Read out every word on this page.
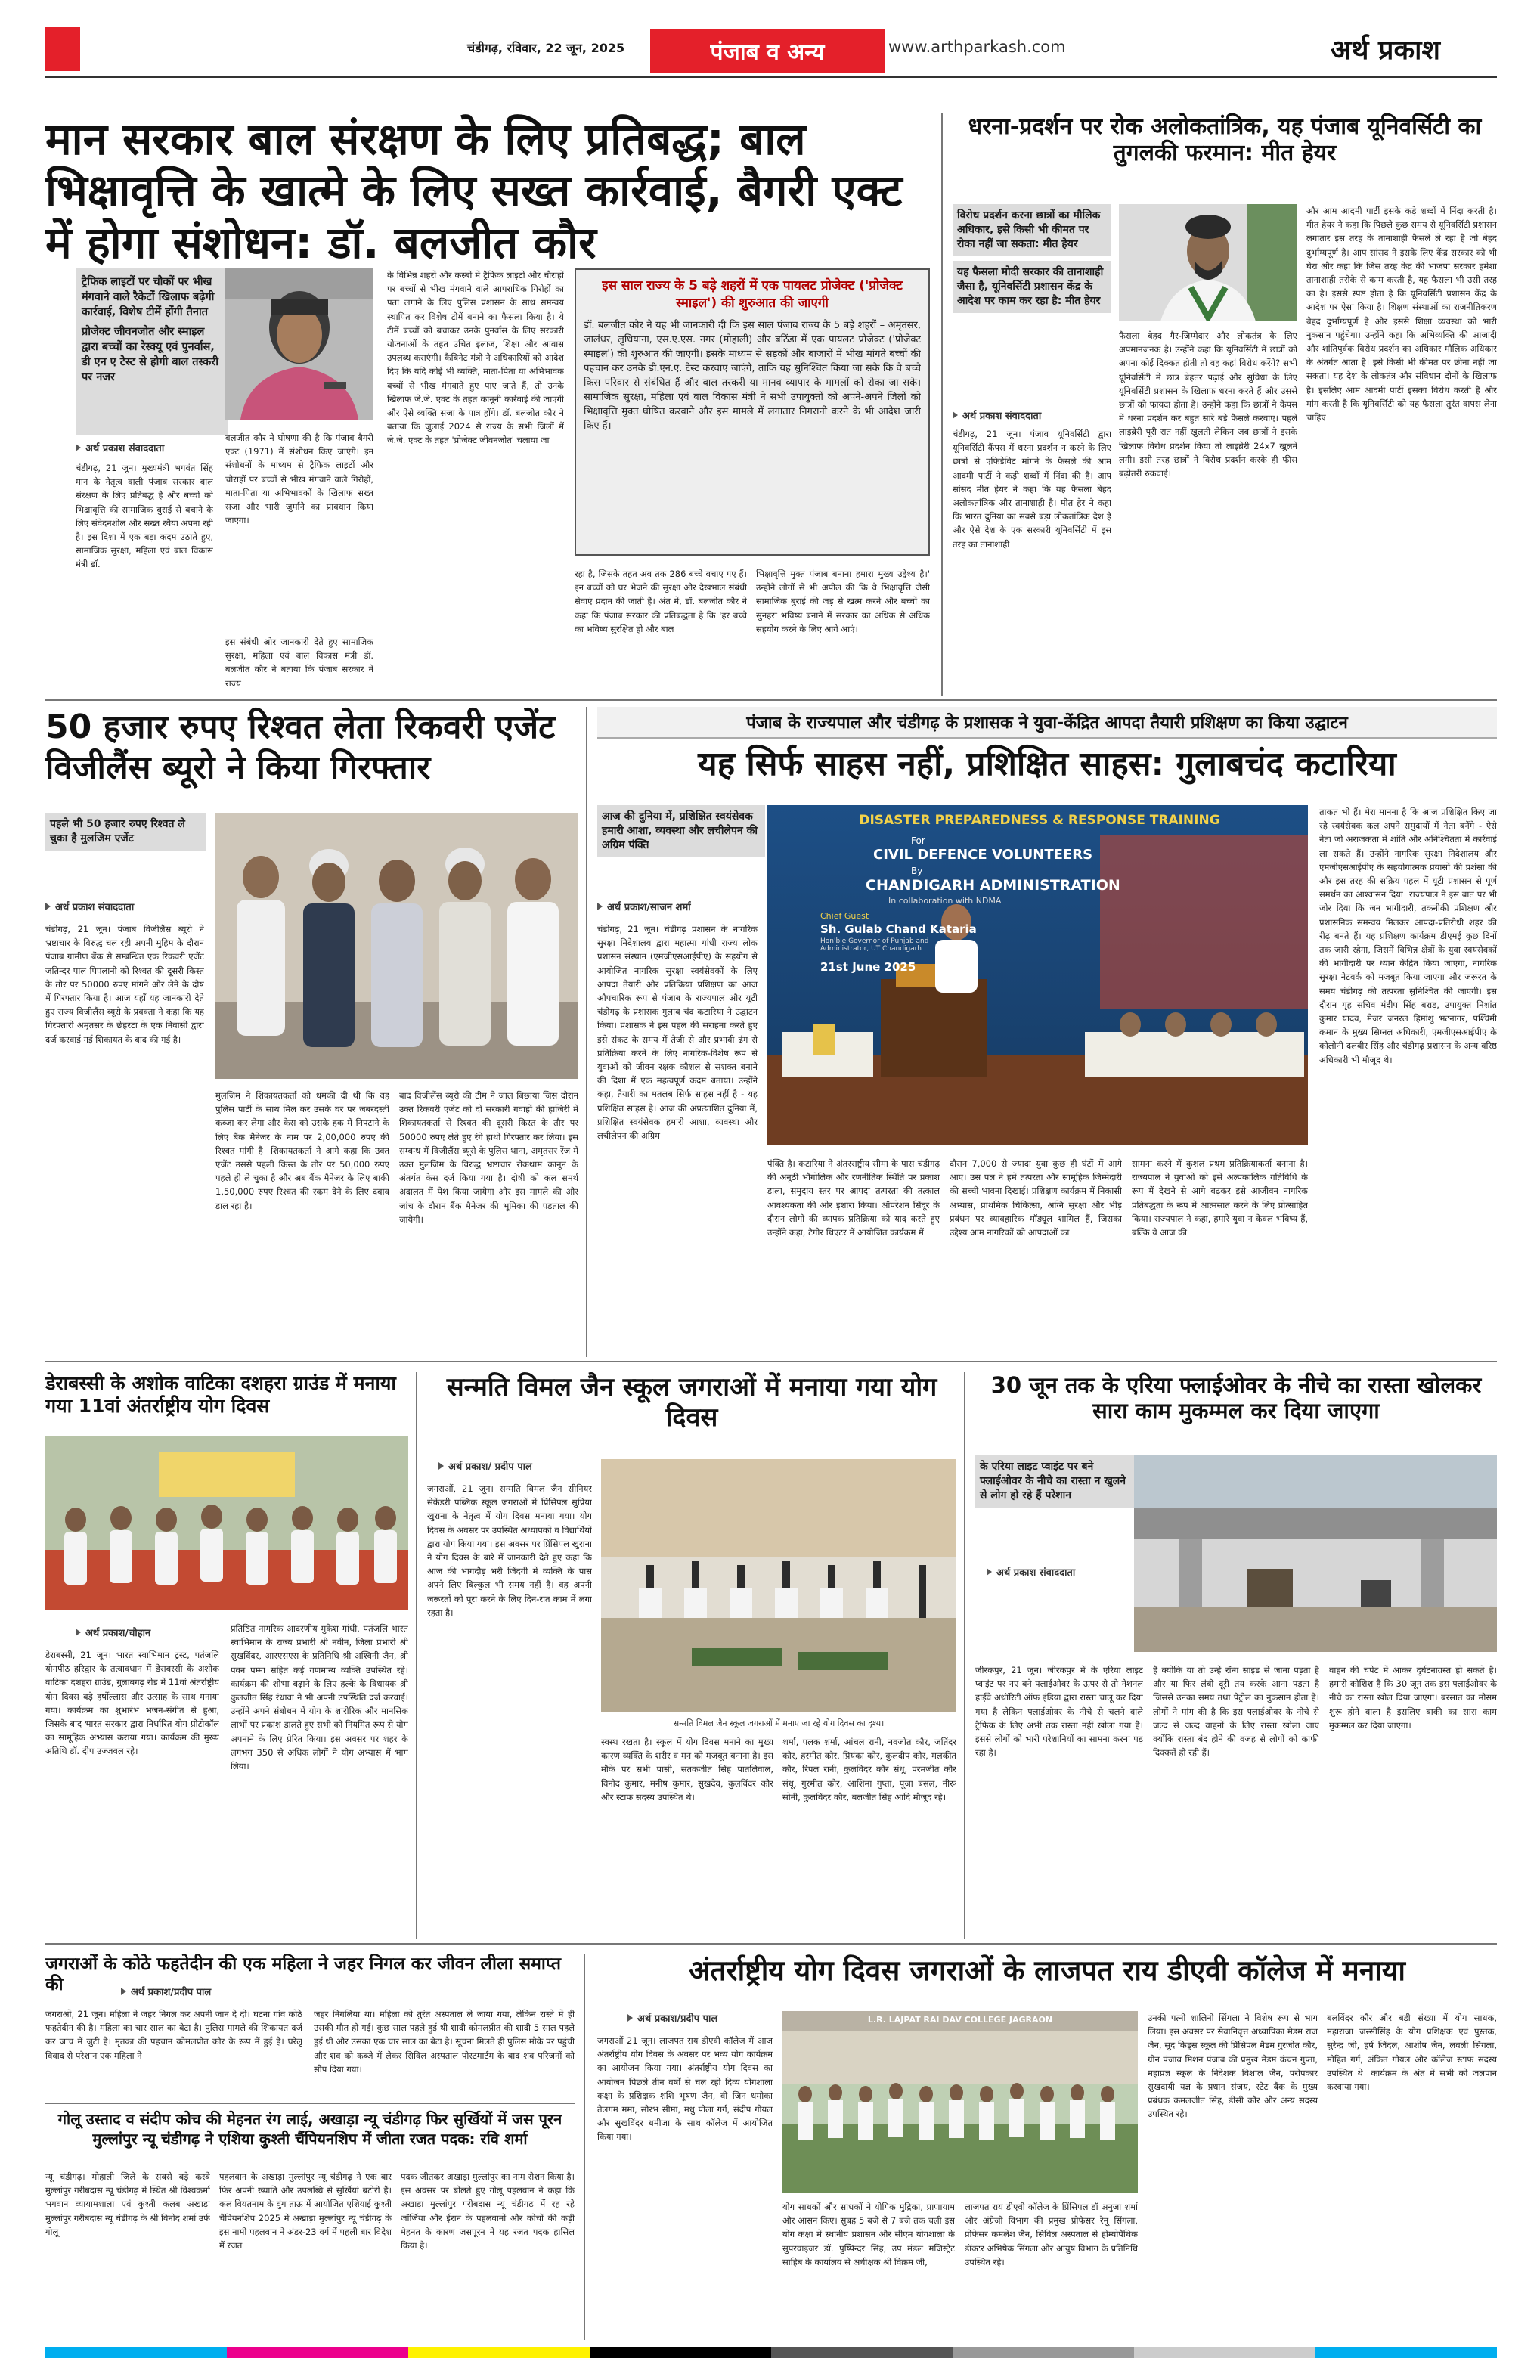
चंडीगढ़, रविवार, 22 जून, 2025	पंजाब व अन्य	www.arthparkash.com	अर्थ प्रकाश
मान सरकार बाल संरक्षण के लिए प्रतिबद्ध; बाल भिक्षावृत्ति के खात्मे के लिए सख्त कार्रवाई, बैगरी एक्ट में होगा संशोधन: डॉ. बलजीत कौर
ट्रैफिक लाइटों पर चौकों पर भीख मंगवाने वाले रैकेटों खिलाफ बढ़ेगी कार्रवाई, विशेष टीमें होंगी तैनात
प्रोजेक्ट जीवनजोत और स्माइल द्वारा बच्चों का रेस्क्यू एवं पुनर्वास, डी एन ए टेस्ट से होगी बाल तस्करी पर नजर
अर्थ प्रकाश संवाददाता
चंडीगढ़, 21 जून। मुख्यमंत्री भगवंत सिंह मान के नेतृत्व वाली पंजाब सरकार बाल संरक्षण के लिए प्रतिबद्ध है और बच्चों को भिक्षावृत्ति की सामाजिक बुराई से बचाने के लिए संवेदनशील और सख्त रवैया अपना रही है। इस दिशा में एक बड़ा कदम उठाते हुए, सामाजिक सुरक्षा, महिला एवं बाल विकास मंत्री डॉ.
बलजीत कौर ने घोषणा की है कि पंजाब बैगरी एक्ट (1971) में संशोधन किए जाएंगे। इन संशोधनों के माध्यम से ट्रैफिक लाइटों और चौराहों पर बच्चों से भीख मंगवाने वाले गिरोहों, माता-पिता या अभिभावकों के खिलाफ सख्त सजा और भारी जुर्माने का प्रावधान किया जाएगा।
इस संबंधी ओर जानकारी देते हुए सामाजिक सुरक्षा, महिला एवं बाल विकास मंत्री डॉ. बलजीत कौर ने बताया कि पंजाब सरकार ने राज्य
के विभिन्न शहरों और कस्बों में ट्रैफिक लाइटों और चौराहों पर बच्चों से भीख मंगवाने वाले आपराधिक गिरोहों का पता लगाने के लिए पुलिस प्रशासन के साथ समन्वय स्थापित कर विशेष टीमें बनाने का फैसला किया है। ये टीमें बच्चों को बचाकर उनके पुनर्वास के लिए सरकारी योजनाओं के तहत उचित इलाज, शिक्षा और आवास उपलब्ध कराएंगी। कैबिनेट मंत्री ने अधिकारियों को आदेश दिए कि यदि कोई भी व्यक्ति, माता-पिता या अभिभावक बच्चों से भीख मंगवाते हुए पाए जाते हैं, तो उनके खिलाफ जे.जे. एक्ट के तहत कानूनी कार्रवाई की जाएगी और ऐसे व्यक्ति सजा के पात्र होंगे। डॉ. बलजीत कौर ने बताया कि जुलाई 2024 से राज्य के सभी जिलों में जे.जे. एक्ट के तहत 'प्रोजेक्ट जीवनजोत' चलाया जा
इस साल राज्य के 5 बड़े शहरों में एक पायलट प्रोजेक्ट ('प्रोजेक्ट स्माइल') की शुरुआत की जाएगी
डॉ. बलजीत कौर ने यह भी जानकारी दी कि इस साल पंजाब राज्य के 5 बड़े शहरों – अमृतसर, जालंधर, लुधियाना, एस.ए.एस. नगर (मोहाली) और बठिंडा में एक पायलट प्रोजेक्ट ('प्रोजेक्ट स्माइल') की शुरुआत की जाएगी। इसके माध्यम से सड़कों और बाजारों में भीख मांगते बच्चों की पहचान कर उनके डी.एन.ए. टेस्ट करवाए जाएंगे, ताकि यह सुनिश्चित किया जा सके कि वे बच्चे किस परिवार से संबंधित हैं और बाल तस्करी या मानव व्यापार के मामलों को रोका जा सके। सामाजिक सुरक्षा, महिला एवं बाल विकास मंत्री ने सभी उपायुक्तों को अपने-अपने जिलों को भिक्षावृत्ति मुक्त घोषित करवाने और इस मामले में लगातार निगरानी करने के भी आदेश जारी किए हैं।
रहा है, जिसके तहत अब तक 286 बच्चे बचाए गए हैं। इन बच्चों को घर भेजने की सुरक्षा और देखभाल संबंधी सेवाएं प्रदान की जाती हैं। अंत में, डॉ. बलजीत कौर ने कहा कि पंजाब सरकार की प्रतिबद्धता है कि 'हर बच्चे का भविष्य सुरक्षित हो और बाल
भिक्षावृत्ति मुक्त पंजाब बनाना हमारा मुख्य उद्देश्य है।' उन्होंने लोगों से भी अपील की कि वे भिक्षावृत्ति जैसी सामाजिक बुराई की जड़ से खत्म करने और बच्चों का सुनहरा भविष्य बनाने में सरकार का अधिक से अधिक सहयोग करने के लिए आगे आएं।
धरना-प्रदर्शन पर रोक अलोकतांत्रिक, यह पंजाब यूनिवर्सिटी का तुगलकी फरमान: मीत हेयर
विरोध प्रदर्शन करना छात्रों का मौलिक अधिकार, इसे किसी भी कीमत पर रोका नहीं जा सकता: मीत हेयर
यह फैसला मोदी सरकार की तानाशाही जैसा है, यूनिवर्सिटी प्रशासन केंद्र के आदेश पर काम कर रहा है: मीत हेयर
अर्थ प्रकाश संवाददाता
चंडीगढ़, 21 जून। पंजाब यूनिवर्सिटी द्वारा यूनिवर्सिटी कैंपस में धरना प्रदर्शन न करने के लिए छात्रों से एफिडेविट मांगने के फैसले की आम आदमी पार्टी ने कड़ी शब्दों में निंदा की है। आप सांसद मीत हेयर ने कहा कि यह फैसला बेहद अलोकतांत्रिक और तानाशाही है। मीत हेर ने कहा कि भारत दुनिया का सबसे बड़ा लोकतांत्रिक देश है और ऐसे देश के एक सरकारी यूनिवर्सिटी में इस तरह का तानाशाही
फैसला बेहद गैर-जिम्मेदार और लोकतंत्र के लिए अपमानजनक है। उन्होंने कहा कि यूनिवर्सिटी में छात्रों को अपना कोई दिक्कत होती तो वह कहां विरोध करेंगे? सभी यूनिवर्सिटी में छात्र बेहतर पढ़ाई और सुविधा के लिए यूनिवर्सिटी प्रशासन के खिलाफ धरना करते हैं और उससे छात्रों को फायदा होता है। उन्होंने कहा कि छात्रों ने कैंपस में धरना प्रदर्शन कर बहुत सारे बड़े फैसले करवाए। पहले लाइब्रेरी पूरी रात नहीं खुलती लेकिन जब छात्रों ने इसके खिलाफ विरोध प्रदर्शन किया तो लाइब्रेरी 24x7 खुलने लगी। इसी तरह छात्रों ने विरोध प्रदर्शन करके ही फीस बढ़ोतरी रुकवाई।
और आम आदमी पार्टी इसके कड़े शब्दों में निंदा करती है। मीत हेयर ने कहा कि पिछले कुछ समय से यूनिवर्सिटी प्रशासन लगातार इस तरह के तानाशाही फैसले ले रहा है जो बेहद दुर्भाग्यपूर्ण है। आप सांसद ने इसके लिए केंद्र सरकार को भी घेरा और कहा कि जिस तरह केंद्र की भाजपा सरकार हमेशा तानाशाही तरीके से काम करती है, यह फैसला भी उसी तरह का है। इससे स्पष्ट होता है कि यूनिवर्सिटी प्रशासन केंद्र के आदेश पर ऐसा किया है। शिक्षण संस्थाओं का राजनीतिकरण बेहद दुर्भाग्यपूर्ण है और इससे शिक्षा व्यवस्था को भारी नुकसान पहुंचेगा। उन्होंने कहा कि अभिव्यक्ति की आजादी और शांतिपूर्वक विरोध प्रदर्शन का अधिकार मौलिक अधिकार के अंतर्गत आता है। इसे किसी भी कीमत पर छीना नहीं जा सकता। यह देश के लोकतंत्र और संविधान दोनों के खिलाफ है। इसलिए आम आदमी पार्टी इसका विरोध करती है और मांग करती है कि यूनिवर्सिटी को यह फैसला तुरंत वापस लेना चाहिए।
50 हजार रुपए रिश्वत लेता रिकवरी एजेंट विजीलैंस ब्यूरो ने किया गिरफ्तार
पहले भी 50 हजार रुपए रिश्वत ले चुका है मुलजिम एजेंट
अर्थ प्रकाश संवाददाता
चंडीगढ़, 21 जून। पंजाब विजीलैंस ब्यूरो ने भ्रष्टाचार के विरुद्ध चल रही अपनी मुहिम के दौरान पंजाब ग्रामीण बैंक से सम्बन्धित एक रिकवरी एजेंट जतिन्दर पाल पिपलानी को रिश्वत की दूसरी किस्त के तौर पर 50000 रुपए मांगने और लेने के दोष में गिरफ्तार किया है। आज यहाँ यह जानकारी देते हुए राज्य विजीलैंस ब्यूरो के प्रवक्ता ने कहा कि यह गिरफ्तारी अमृतसर के छेहरटा के एक निवासी द्वारा दर्ज करवाई गई शिकायत के बाद की गई है।
मुलजिम ने शिकायतकर्ता को धमकी दी थी कि वह पुलिस पार्टी के साथ मिल कर उसके घर पर जबरदस्ती कब्जा कर लेगा और केस को उसके हक में निपटाने के लिए बैंक मैनेजर के नाम पर 2,00,000 रुपए की रिश्वत मांगी है। शिकायतकर्ता ने आगे कहा कि उक्त एजेंट उससे पहली किस्त के तौर पर 50,000 रुपए पहले ही ले चुका है और अब बैंक मैनेजर के लिए बाकी 1,50,000 रुपए रिश्वत की रकम देने के लिए दबाव डाल रहा है।
बाद विजीलैंस ब्यूरो की टीम ने जाल बिछाया जिस दौरान उक्त रिकवरी एजेंट को दो सरकारी गवाहों की हाजिरी में शिकायतकर्ता से रिश्वत की दूसरी किस्त के तौर पर 50000 रुपए लेते हुए रंगे हाथों गिरफ्तार कर लिया। इस सम्बन्ध में विजीलैंस ब्यूरो के पुलिस थाना, अमृतसर रेंज में उक्त मुलजिम के विरुद्ध भ्रष्टाचार रोकथाम कानून के अंतर्गत केस दर्ज किया गया है। दोषी को कल समर्थ अदालत में पेश किया जायेगा और इस मामले की और जांच के दौरान बैंक मैनेजर की भूमिका की पड़ताल की जायेगी।
पंजाब के राज्यपाल और चंडीगढ़ के प्रशासक ने युवा-केंद्रित आपदा तैयारी प्रशिक्षण का किया उद्घाटन
यह सिर्फ साहस नहीं, प्रशिक्षित साहस: गुलाबचंद कटारिया
आज की दुनिया में, प्रशिक्षित स्वयंसेवक हमारी आशा, व्यवस्था और लचीलेपन की अग्रिम पंक्ति
अर्थ प्रकाश/साजन शर्मा
चंडीगढ़, 21 जून। चंडीगढ़ प्रशासन के नागरिक सुरक्षा निदेशालय द्वारा महात्मा गांधी राज्य लोक प्रशासन संस्थान (एमजीएसआईपीए) के सहयोग से आयोजित नागरिक सुरक्षा स्वयंसेवकों के लिए आपदा तैयारी और प्रतिक्रिया प्रशिक्षण का आज औपचारिक रूप से पंजाब के राज्यपाल और यूटी चंडीगढ़ के प्रशासक गुलाब चंद कटारिया ने उद्घाटन किया। प्रशासक ने इस पहल की सराहना करते हुए इसे संकट के समय में तेजी से और प्रभावी ढंग से प्रतिक्रिया करने के लिए नागरिक-विशेष रूप से युवाओं को जीवन रक्षक कौशल से सशक्त बनाने की दिशा में एक महत्वपूर्ण कदम बताया। उन्होंने कहा, तैयारी का मतलब सिर्फ साहस नहीं है - यह प्रशिक्षित साहस है। आज की अप्रत्याशित दुनिया में, प्रशिक्षित स्वयंसेवक हमारी आशा, व्यवस्था और लचीलेपन की अग्रिम
DISASTER PREPAREDNESS & RESPONSE TRAINING
For
CIVIL DEFENCE VOLUNTEERS
By
CHANDIGARH ADMINISTRATION
In collaboration with NDMA
Chief Guest
Sh. Gulab Chand Kataria
Hon'ble Governor of Punjab and Administrator, UT Chandigarh
21st June 2025
पंक्ति है। कटारिया ने अंतरराष्ट्रीय सीमा के पास चंडीगढ़ की अनूठी भौगोलिक और रणनीतिक स्थिति पर प्रकाश डाला, समुदाय स्तर पर आपदा तत्परता की तत्काल आवश्यकता की ओर इशारा किया। ऑपरेशन सिंदूर के दौरान लोगों की व्यापक प्रतिक्रिया को याद करते हुए उन्होंने कहा, टैगोर थिएटर में आयोजित कार्यक्रम में
दौरान 7,000 से ज्यादा युवा कुछ ही घंटों में आगे आए। उस पल ने हमें तत्परता और सामूहिक जिम्मेदारी की सच्ची भावना दिखाई। प्रशिक्षण कार्यक्रम में निकासी अभ्यास, प्राथमिक चिकित्सा, अग्नि सुरक्षा और भीड़ प्रबंधन पर व्यावहारिक मॉड्यूल शामिल हैं, जिसका उद्देश्य आम नागरिकों को आपदाओं का
सामना करने में कुशल प्रथम प्रतिक्रियाकर्ता बनाना है। राज्यपाल ने युवाओं को इसे अल्पकालिक गतिविधि के रूप में देखने से आगे बढ़कर इसे आजीवन नागरिक प्रतिबद्धता के रूप में आत्मसात करने के लिए प्रोत्साहित किया। राज्यपाल ने कहा, हमारे युवा न केवल भविष्य हैं, बल्कि वे आज की
ताकत भी हैं। मेरा मानना है कि आज प्रशिक्षित किए जा रहे स्वयंसेवक कल अपने समुदायों में नेता बनेंगे - ऐसे नेता जो अराजकता में शांति और अनिश्चितता में कार्रवाई ला सकते हैं। उन्होंने नागरिक सुरक्षा निदेशालय और एमजीएसआईपीए के सहयोगात्मक प्रयासों की प्रशंसा की और इस तरह की सक्रिय पहल में यूटी प्रशासन से पूर्ण समर्थन का आश्वासन दिया। राज्यपाल ने इस बात पर भी जोर दिया कि जन भागीदारी, तकनीकी प्रशिक्षण और प्रशासनिक समन्वय मिलकर आपदा-प्रतिरोधी शहर की रीढ़ बनते हैं। यह प्रशिक्षण कार्यक्रम डीएमई कुछ दिनों तक जारी रहेगा, जिसमें विभिन्न क्षेत्रों के युवा स्वयंसेवकों की भागीदारी पर ध्यान केंद्रित किया जाएगा, नागरिक सुरक्षा नेटवर्क को मजबूत किया जाएगा और जरूरत के समय चंडीगढ़ की तत्परता सुनिश्चित की जाएगी। इस दौरान गृह सचिव मंदीप सिंह बराड़, उपायुक्त निशांत कुमार यादव, मेजर जनरल हिमांशु भटनागर, पश्चिमी कमान के मुख्य सिग्नल अधिकारी, एमजीएसआईपीए के कोलोनी दलबीर सिंह और चंडीगढ़ प्रशासन के अन्य वरिष्ठ अधिकारी भी मौजूद थे।
डेराबस्सी के अशोक वाटिका दशहरा ग्राउंड में मनाया गया 11वां अंतर्राष्ट्रीय योग दिवस
अर्थ प्रकाश/चौहान
डेराबस्सी, 21 जून। भारत स्वाभिमान ट्रस्ट, पतंजलि योगपीठ हरिद्वार के तत्वावधान में डेराबस्सी के अशोक वाटिका दशहरा ग्राउंड, गुलाबगढ़ रोड में 11वां अंतर्राष्ट्रीय योग दिवस बड़े हर्षोल्लास और उत्साह के साथ मनाया गया। कार्यक्रम का शुभारंभ भजन-संगीत से हुआ, जिसके बाद भारत सरकार द्वारा निर्धारित योग प्रोटोकॉल का सामूहिक अभ्यास कराया गया। कार्यक्रम की मुख्य अतिथि डॉ. दीप उज्जवल रहे।
प्रतिष्ठित नागरिक आदरणीय मुकेश गांधी, पतंजलि भारत स्वाभिमान के राज्य प्रभारी श्री नवीन, जिला प्रभारी श्री सुखविंदर, आरएसएस के प्रतिनिधि श्री अश्विनी जैन, श्री पवन पम्मा सहित कई गणमान्य व्यक्ति उपस्थित रहे। कार्यक्रम की शोभा बढ़ाने के लिए हल्के के विधायक श्री कुलजीत सिंह रंधावा ने भी अपनी उपस्थिति दर्ज करवाई। उन्होंने अपने संबोधन में योग के शारीरिक और मानसिक लाभों पर प्रकाश डालते हुए सभी को नियमित रूप से योग अपनाने के लिए प्रेरित किया। इस अवसर पर शहर के लगभग 350 से अधिक लोगों ने योग अभ्यास में भाग लिया।
सन्मति विमल जैन स्कूल जगराओं में मनाया गया योग दिवस
अर्थ प्रकाश/ प्रदीप पाल
जगराओं, 21 जून। सन्मति विमल जैन सीनियर सेकेंडरी पब्लिक स्कूल जगराओं में प्रिंसिपल सुप्रिया खुराना के नेतृत्व में योग दिवस मनाया गया। योग दिवस के अवसर पर उपस्थित अध्यापकों व विद्यार्थियों द्वारा योग किया गया। इस अवसर पर प्रिंसिपल खुराना ने योग दिवस के बारे में जानकारी देते हुए कहा कि आज की भागदौड़ भरी जिंदगी में व्यक्ति के पास अपने लिए बिल्कुल भी समय नहीं है। वह अपनी जरूरतों को पूरा करने के लिए दिन-रात काम में लगा रहता है।
सन्मति विमल जैन स्कूल जगराओं में मनाए जा रहे योग दिवस का दृश्य।
स्वस्थ रखता है। स्कूल में योग दिवस मनाने का मुख्य कारण व्यक्ति के शरीर व मन को मजबूत बनाना है। इस मौके पर सभी पासी, सतकजीत सिंह पातलिवाल, विनोद कुमार, मनीष कुमार, सुखदेव, कुलविंदर कौर और स्टाफ सदस्य उपस्थित थे।
शर्मा, पलक शर्मा, आंचल रानी, नवजोत कौर, जतिंदर कौर, हरमीत कौर, प्रियंका कौर, कुलदीप कौर, मलकीत कौर, रिंपल रानी, कुलविंदर कौर संधू, परमजीत कौर संधू, गुरमीत कौर, आशिमा गुप्ता, पूजा बंसल, नीरू सोनी, कुलविंदर कौर, बलजीत सिंह आदि मौजूद रहे।
30 जून तक के एरिया फ्लाईओवर के नीचे का रास्ता खोलकर सारा काम मुकम्मल कर दिया जाएगा
के एरिया लाइट प्वाइंट पर बने फ्लाईओवर के नीचे का रास्ता न खुलने से लोग हो रहे हैं परेशान
अर्थ प्रकाश संवाददाता
जीरकपुर, 21 जून। जीरकपुर में के एरिया लाइट प्वाइंट पर नए बने फ्लाईओवर के ऊपर से तो नेशनल हाईवे अथॉरिटी ऑफ इंडिया द्वारा रास्ता चालू कर दिया गया है लेकिन फ्लाईओवर के नीचे से चलने वाले ट्रैफिक के लिए अभी तक रास्ता नहीं खोला गया है। इससे लोगों को भारी परेशानियों का सामना करना पड़ रहा है।
है क्योंकि या तो उन्हें रॉन्ग साइड से जाना पड़ता है और या फिर लंबी दूरी तय करके आना पड़ता है जिससे उनका समय तथा पेट्रोल का नुकसान होता है। लोगों ने मांग की है कि इस फ्लाईओवर के नीचे से जल्द से जल्द वाहनों के लिए रास्ता खोला जाए क्योंकि रास्ता बंद होने की वजह से लोगों को काफी दिक्कतें हो रही हैं।
वाहन की चपेट में आकर दुर्घटनाग्रस्त हो सकते हैं। हमारी कोशिश है कि 30 जून तक इस फ्लाईओवर के नीचे का रास्ता खोल दिया जाएगा। बरसात का मौसम शुरू होने वाला है इसलिए बाकी का सारा काम मुकम्मल कर दिया जाएगा।
जगराओं के कोठे फहतेदीन की एक महिला ने जहर निगल कर जीवन लीला समाप्त की	अर्थ प्रकाश/प्रदीप पाल
जगराओं, 21 जून। महिला ने जहर निगल कर अपनी जान दे दी। घटना गांव कोठे फहतेदीन की है। महिला का चार साल का बेटा है। पुलिस मामले की शिकायत दर्ज कर जांच में जुटी है। मृतका की पहचान कोमलप्रीत कौर के रूप में हुई है। घरेलू विवाद से परेशान एक महिला ने
जहर निगलिया था। महिला को तुरंत अस्पताल ले जाया गया, लेकिन रास्ते में ही उसकी मौत हो गई। कुछ साल पहले हुई थी शादी कोमलप्रीत की शादी 5 साल पहले हुई थी और उसका एक चार साल का बेटा है। सूचना मिलते ही पुलिस मौके पर पहुंची और शव को कब्जे में लेकर सिविल अस्पताल पोस्टमार्टम के बाद शव परिजनों को सौंप दिया गया।
गोलू उस्ताद व संदीप कोच की मेहनत रंग लाई, अखाड़ा न्यू चंडीगढ़ फिर सुर्खियों में जस पूरन मुल्लांपुर न्यू चंडीगढ़ ने एशिया कुश्ती चैंपियनशिप में जीता रजत पदक: रवि शर्मा
न्यू चंडीगढ़। मोहाली जिले के सबसे बड़े कस्बे मुल्लांपुर गरीबदास न्यू चंडीगढ़ में स्थित श्री विश्वकर्मा भगवान व्यायामशाला एवं कुश्ती कलब अखाड़ा मुल्लांपुर गरीबदास न्यू चंडीगढ़ के श्री विनोद शर्मा उर्फ गोलू
पहलवान के अखाड़ा मुल्लांपुर न्यू चंडीगढ़ ने एक बार फिर अपनी ख्याति और उपलब्धि से सुर्खियां बटोरी हैं। कल वियतनाम के वुंग ताऊ में आयोजित एशियाई कुश्ती चैंपियनशिप 2025 में अखाड़ा मुल्लांपुर न्यू चंडीगढ़ के इस नामी पहलवान ने अंडर-23 वर्ग में पहली बार विदेश में रजत
पदक जीतकर अखाड़ा मुल्लांपुर का नाम रोशन किया है। इस अवसर पर बोलते हुए गोलू पहलवान ने कहा कि अखाड़ा मुल्लांपुर गरीबदास न्यू चंडीगढ़ में रह रहे जॉर्जिया और ईरान के पहलवानों और कोचों की कड़ी मेहनत के कारण जसपूरन ने यह रजत पदक हासिल किया है।
अंतर्राष्ट्रीय योग दिवस जगराओं के लाजपत राय डीएवी कॉलेज में मनाया
अर्थ प्रकाश/प्रदीप पाल
जगराओं 21 जून। लाजपत राय डीएवी कॉलेज में आज अंतर्राष्ट्रीय योग दिवस के अवसर पर भव्य योग कार्यक्रम का आयोजन किया गया। अंतर्राष्ट्रीय योग दिवस का आयोजन पिछले तीन वर्षों से चल रही दिव्य योगशाला कक्षा के प्रशिक्षक शशि भूषण जैन, वी जिन धमोका तेलगम ममा, सौरभ सीमा, मधु पोला गर्ग, संदीप गोयल और सुखविंदर धमीजा के साथ कॉलेज में आयोजित किया गया।
L.R. LAJPAT RAI DAV COLLEGE JAGRAON
योग साधकों और साधकों ने योगिक मुद्रिका, प्राणायाम और आसन किए। सुबह 5 बजे से 7 बजे तक चली इस योग कक्षा में स्थानीय प्रशासन और सीएम योगशाला के सुपरवाइजर डॉ. पुष्पिन्दर सिंह, उप मंडल मजिस्ट्रेट साहिब के कार्यालय से अधीक्षक श्री विक्रम जी,
लाजपत राय डीएवी कॉलेज के प्रिंसिपल डॉ अनुजा शर्मा और अंग्रेजी विभाग की प्रमुख प्रोफेसर रेनू सिंगला, प्रोफेसर कमलेश जैन, सिविल अस्पताल से होम्योपैथिक डॉक्टर अभिषेक सिंगला और आयुष विभाग के प्रतिनिधि उपस्थित रहे।
उनकी पत्नी शालिनी सिंगला ने विशेष रूप से भाग लिया। इस अवसर पर सेवानिवृत्त अध्यापिका मैडम राज जैन, सूद किड्स स्कूल की प्रिंसिपल मैडम गुरजीत कौर, ग्रीन पंजाब मिशन पंजाब की प्रमुख मैडम कंचन गुप्ता, महाप्रज्ञ स्कूल के निदेशक विशाल जैन, परोपकार सुखदायी यज्ञ के प्रधान संजय, स्टेट बैंक के मुख्य प्रबंधक कमलजीत सिंह, डीसी कौर और अन्य सदस्य उपस्थित रहे।
बलविंदर कौर और बड़ी संख्या में योग साधक, महाराजा जस्सीसिंह के योग प्रशिक्षक एवं पुस्तक, सुरेन्द्र जी, हर्ष जिंदल, आशीष जैन, लवली सिंगला, मोहित गर्ग, अंकित गोयल और कॉलेज स्टाफ सदस्य उपस्थित थे। कार्यक्रम के अंत में सभी को जलपान करवाया गया।
